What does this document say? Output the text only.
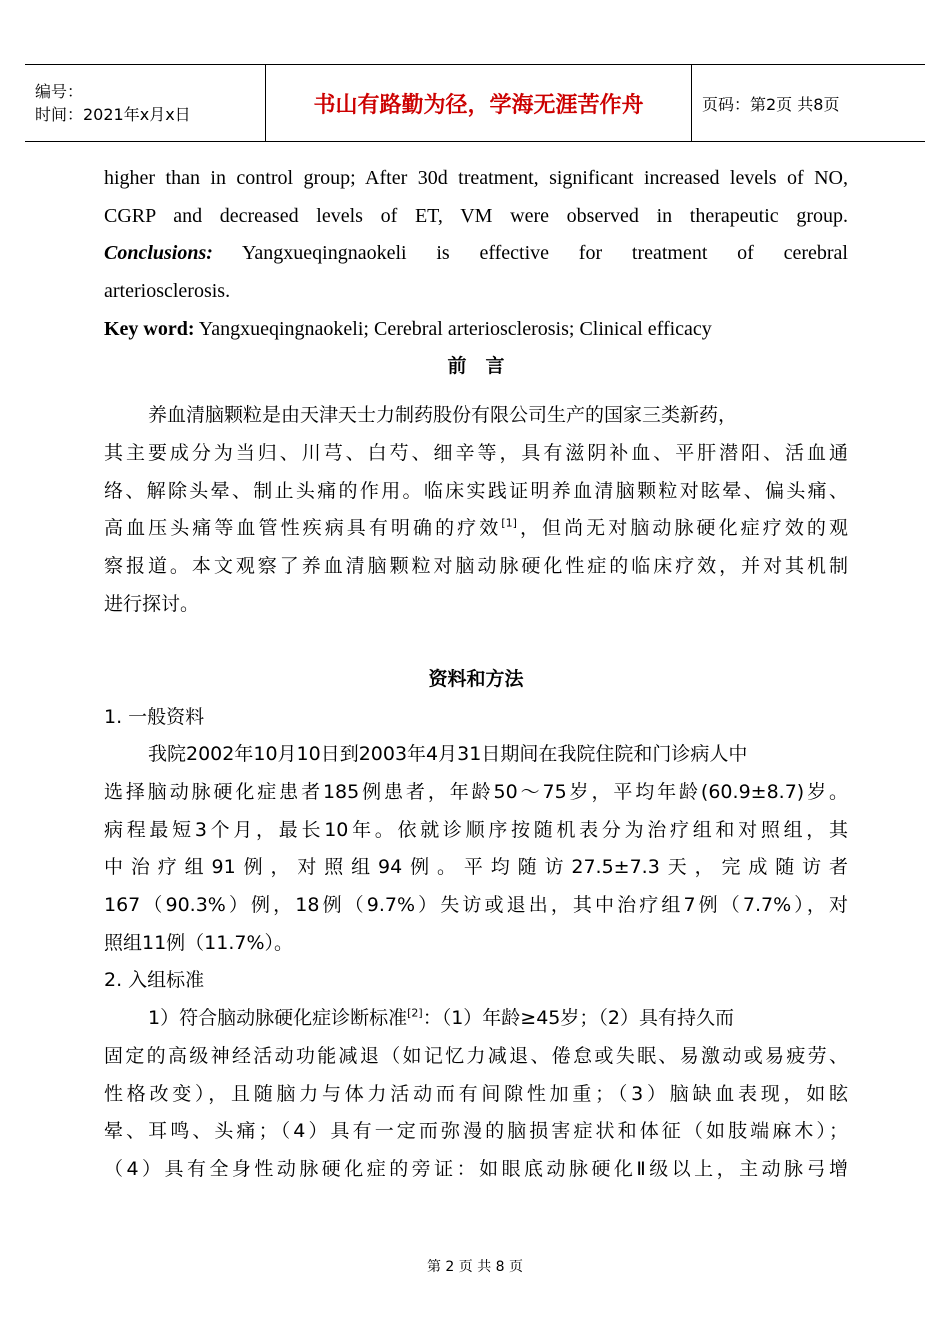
编号：
时间：2021年x月x日	书山有路勤为径，学海无涯苦作舟	页码：第2页 共8页
higher than in control group; After 30d treatment, significant increased levels of NO,
CGRP and decreased levels of ET, VM were observed in therapeutic group.
Conclusions: Yangxueqingnaokeli is effective for treatment of cerebral
arteriosclerosis.
Key word: Yangxueqingnaokeli; Cerebral arteriosclerosis; Clinical efficacy
前　言
养血清脑颗粒是由天津天士力制药股份有限公司生产的国家三类新药，
其主要成分为当归、川芎、白芍、细辛等，具有滋阴补血、平肝潜阳、活血通
络、解除头晕、制止头痛的作用。临床实践证明养血清脑颗粒对眩晕、偏头痛、
高血压头痛等血管性疾病具有明确的疗效[1]，但尚无对脑动脉硬化症疗效的观
察报道。本文观察了养血清脑颗粒对脑动脉硬化性症的临床疗效，并对其机制
进行探讨。
资料和方法
1. 一般资料
我院2002年10月10日到2003年4月31日期间在我院住院和门诊病人中
选择脑动脉硬化症患者185例患者，年龄50～75岁，平均年龄(60.9±8.7)岁。
病程最短3个月，最长10年。依就诊顺序按随机表分为治疗组和对照组，其
中治疗组91例，对照组94例。平均随访27.5±7.3天，完成随访者
167（90.3%）例，18例（9.7%）失访或退出，其中治疗组7例（7.7%），对
照组11例（11.7%）。
2. 入组标准
1）符合脑动脉硬化症诊断标准[2]：（1）年龄≥45岁；（2）具有持久而
固定的高级神经活动功能减退（如记忆力减退、倦怠或失眠、易激动或易疲劳、
性格改变），且随脑力与体力活动而有间隙性加重；（3）脑缺血表现，如眩
晕、耳鸣、头痛；（4）具有一定而弥漫的脑损害症状和体征（如肢端麻木）；
（4）具有全身性动脉硬化症的旁证：如眼底动脉硬化Ⅱ级以上，主动脉弓增
第 2 页 共 8 页
